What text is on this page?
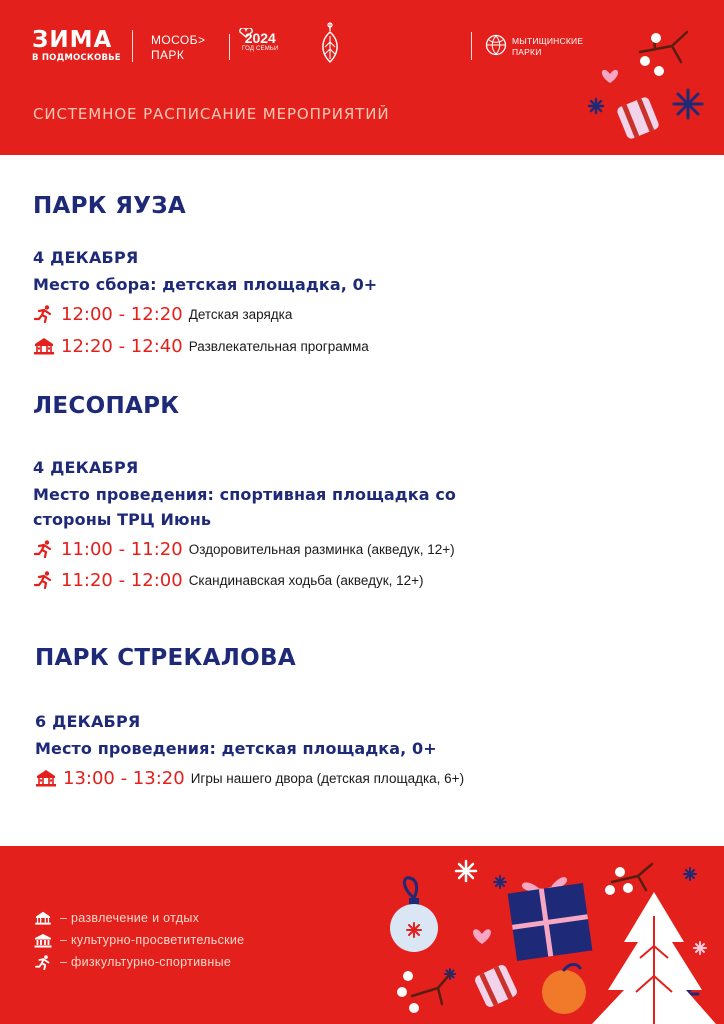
ЗИМА
В ПОДМОСКОВЬЕ
МОСОБ>
ПАРК
2024
ГОД СЕМЬИ
МЫТИЩИНСКИЕ
ПАРКИ
СИСТЕМНОЕ РАСПИСАНИЕ МЕРОПРИЯТИЙ
ПАРК ЯУЗА
4 ДЕКАБРЯ
Место сбора: детская площадка, 0+
12:00 - 12:20 Детская зарядка
12:20 - 12:40 Развлекательная программа
ЛЕСОПАРК
4 ДЕКАБРЯ
Место проведения: спортивная площадка со стороны ТРЦ Июнь
11:00 - 11:20 Оздоровительная разминка (акведук, 12+)
11:20 - 12:00 Скандинавская ходьба (акведук, 12+)
ПАРК СТРЕКАЛОВА
6 ДЕКАБРЯ
Место проведения: детская площадка, 0+
13:00 - 13:20 Игры нашего двора (детская площадка, 6+)
– развлечение и отдых
– культурно-просветительские
– физкультурно-спортивные
